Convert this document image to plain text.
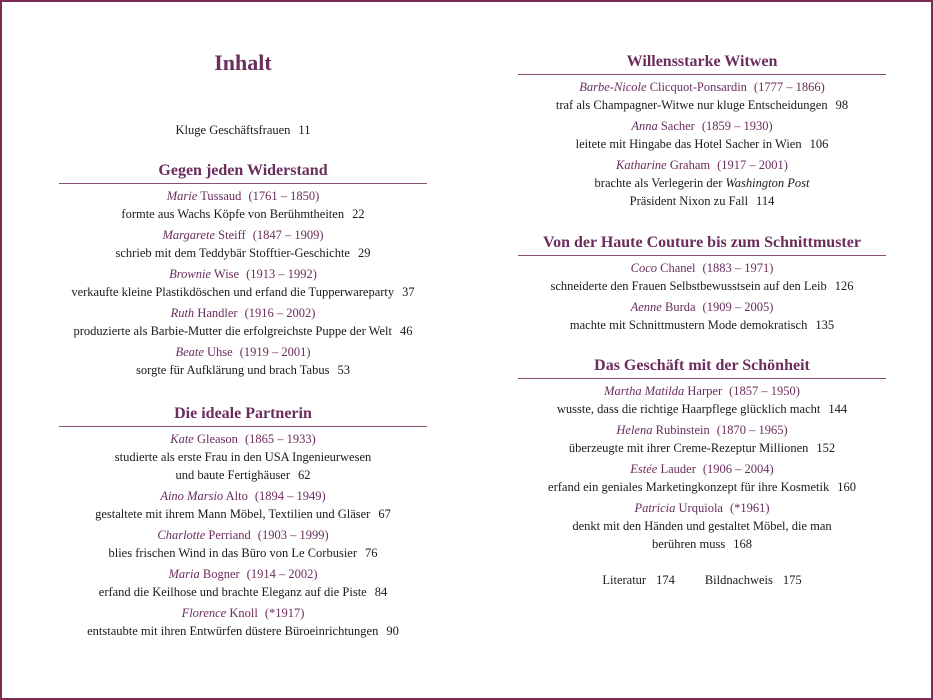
Inhalt
Kluge Geschäftsfrauen 11
Gegen jeden Widerstand
Marie Tussaud (1761 – 1850)
formte aus Wachs Köpfe von Berühmtheiten 22
Margarete Steiff (1847 – 1909)
schrieb mit dem Teddybär Stofftier-Geschichte 29
Brownie Wise (1913 – 1992)
verkaufte kleine Plastikdöschen und erfand die Tupperwareparty 37
Ruth Handler (1916 – 2002)
produzierte als Barbie-Mutter die erfolgreichste Puppe der Welt 46
Beate Uhse (1919 – 2001)
sorgte für Aufklärung und brach Tabus 53
Die ideale Partnerin
Kate Gleason (1865 – 1933)
studierte als erste Frau in den USA Ingenieurwesen
und baute Fertighäuser 62
Aino Marsio Alto (1894 – 1949)
gestaltete mit ihrem Mann Möbel, Textilien und Gläser 67
Charlotte Perriand (1903 – 1999)
blies frischen Wind in das Büro von Le Corbusier 76
Maria Bogner (1914 – 2002)
erfand die Keilhose und brachte Eleganz auf die Piste 84
Florence Knoll (*1917)
entstaubte mit ihren Entwürfen düstere Büroeinrichtungen 90
Willensstarke Witwen
Barbe-Nicole Clicquot-Ponsardin (1777 – 1866)
traf als Champagner-Witwe nur kluge Entscheidungen 98
Anna Sacher (1859 – 1930)
leitete mit Hingabe das Hotel Sacher in Wien 106
Katharine Graham (1917 – 2001)
brachte als Verlegerin der Washington Post
Präsident Nixon zu Fall 114
Von der Haute Couture bis zum Schnittmuster
Coco Chanel (1883 – 1971)
schneiderte den Frauen Selbstbewusstsein auf den Leib 126
Aenne Burda (1909 – 2005)
machte mit Schnittmustern Mode demokratisch 135
Das Geschäft mit der Schönheit
Martha Matilda Harper (1857 – 1950)
wusste, dass die richtige Haarpflege glücklich macht 144
Helena Rubinstein (1870 – 1965)
überzeugte mit ihrer Creme-Rezeptur Millionen 152
Estée Lauder (1906 – 2004)
erfand ein geniales Marketingkonzept für ihre Kosmetik 160
Patricia Urquiola (*1961)
denkt mit den Händen und gestaltet Möbel, die man
berühren muss 168
Literatur 174 Bildnachweis 175
